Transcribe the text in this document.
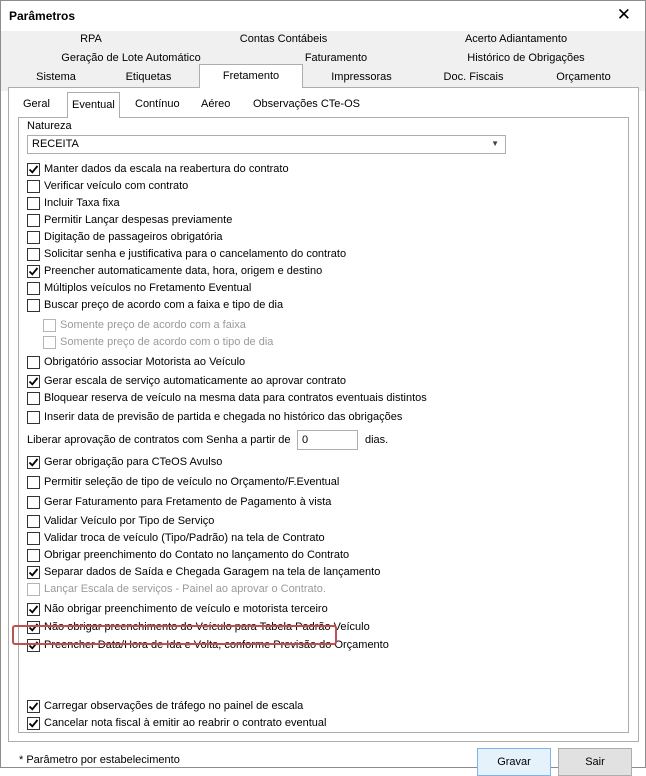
Parâmetros	✕
RPA	Contas Contábeis	Acerto Adiantamento
Geração de Lote Automático	Faturamento	Histórico de Obrigações
Sistema	Etiquetas	Fretamento	Impressoras	Doc. Fiscais	Orçamento
Geral	Eventual	Contínuo Aéreo Observações CTe-OS
Natureza
RECEITA	▼
Manter dados da escala na reabertura do contrato
Verificar veículo com contrato
Incluir Taxa fixa
Permitir Lançar despesas previamente
Digitação de passageiros obrigatória
Solicitar senha e justificativa para o cancelamento do contrato
Preencher automaticamente data, hora, origem e destino
Múltiplos veículos no Fretamento Eventual
Buscar preço de acordo com a faixa e tipo de dia
Somente preço de acordo com a faixa
Somente preço de acordo com o tipo de dia
Obrigatório associar Motorista ao Veículo
Gerar escala de serviço automaticamente ao aprovar contrato
Bloquear reserva de veículo na mesma data para contratos eventuais distintos
Inserir data de previsão de partida e chegada no histórico das obrigações
Gerar obrigação para CTeOS Avulso
Permitir seleção de tipo de veículo no Orçamento/F.Eventual
Gerar Faturamento para Fretamento de Pagamento à vista
Validar Veículo por Tipo de Serviço
Validar troca de veículo (Tipo/Padrão) na tela de Contrato
Obrigar preenchimento do Contato no lançamento do Contrato
Separar dados de Saída e Chegada Garagem na tela de lançamento
Lançar Escala de serviços - Painel ao aprovar o Contrato.
Não obrigar preenchimento de veículo e motorista terceiro
Não obrigar preenchimento do Veículo para Tabela Padrão Veículo
Preencher Data/Hora de Ida e Volta, conforme Previsão do Orçamento
Carregar observações de tráfego no painel de escala
Cancelar nota fiscal à emitir ao reabrir o contrato eventual
Liberar aprovação de contratos com Senha a partir de 0	dias.
* Parâmetro por estabelecimento	Gravar	Sair
